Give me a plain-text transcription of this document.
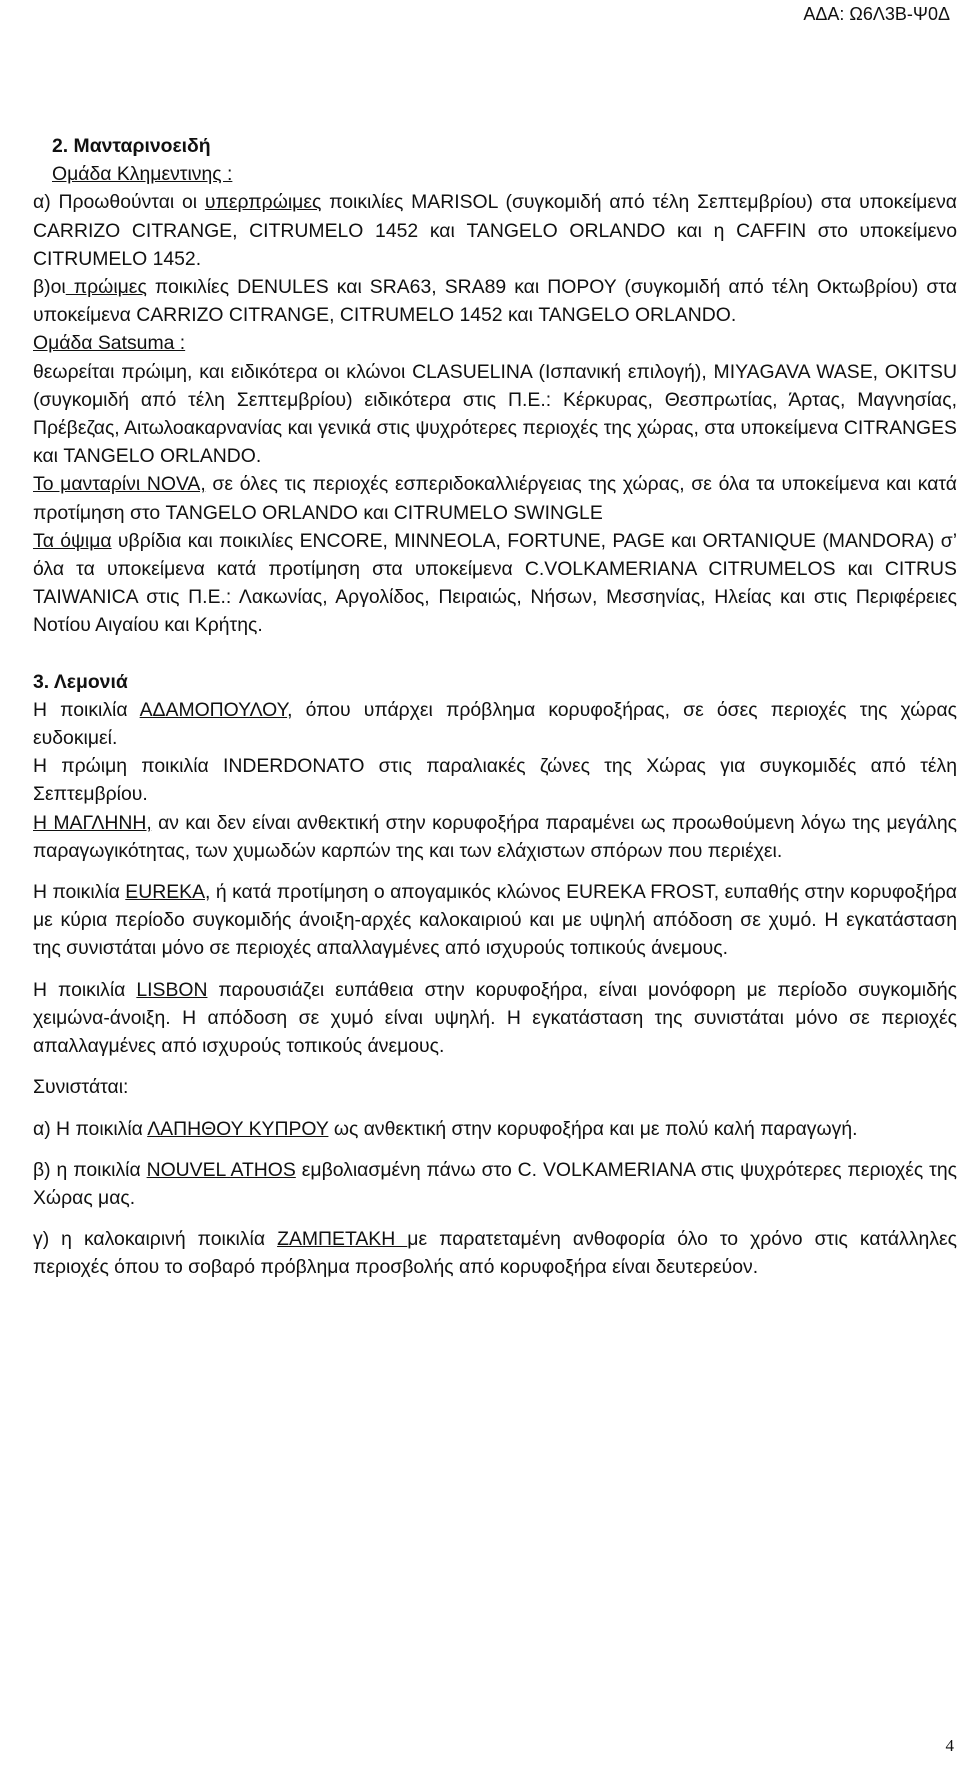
ΑΔΑ: Ω6Λ3Β-Ψ0Δ

2. Μανταρινοειδή

Ομάδα Κλημεντινης :

α) Προωθούνται οι υπερπρώιμες ποικιλίες MARISOL (συγκομιδή από τέλη Σεπτεμβρίου) στα υποκείμενα CARRIZO CITRANGE, CITRUMELO 1452 και TANGELO ORLANDO και η CAFFIN στο υποκείμενο CITRUMELO 1452.

β)οι πρώιμες ποικιλίες DENULES και SRA63, SRA89 και ΠΟΡΟΥ (συγκομιδή από τέλη Οκτωβρίου) στα υποκείμενα CARRIZO CITRANGE, CITRUMELO 1452 και TANGELO ORLANDO.

Ομάδα Satsuma :

θεωρείται πρώιμη, και ειδικότερα οι κλώνοι CLASUELINA (Ισπανική επιλογή), MIYAGAVA WASE, OKITSU (συγκομιδή από τέλη Σεπτεμβρίου) ειδικότερα στις Π.Ε.: Κέρκυρας, Θεσπρωτίας, Άρτας, Μαγνησίας, Πρέβεζας, Αιτωλοακαρνανίας και γενικά στις ψυχρότερες περιοχές της χώρας, στα υποκείμενα CITRANGES και TANGELO ORLANDO.

Το μανταρίνι NOVA, σε όλες τις περιοχές εσπεριδοκαλλιέργειας της χώρας, σε όλα τα υποκείμενα και κατά προτίμηση στο TANGELO ORLANDO και CITRUMELO SWINGLE

Τα όψιμα υβρίδια και ποικιλίες ENCORE, MINNEOLA, FORTUNE, PAGE και ORTANIQUE (MANDORA) σ’ όλα τα υποκείμενα κατά προτίμηση στα υποκείμενα C.VOLKAMERIANA CITRUMELOS και CITRUS TAIWANICA στις Π.Ε.: Λακωνίας, Αργολίδος, Πειραιώς, Νήσων, Μεσσηνίας, Ηλείας και στις Περιφέρειες Νοτίου Αιγαίου και Κρήτης.

3. Λεμονιά

Η ποικιλία ΑΔΑΜΟΠΟΥΛΟΥ, όπου υπάρχει πρόβλημα κορυφοξήρας, σε όσες περιοχές της χώρας ευδοκιμεί.

Η πρώιμη ποικιλία INDERDONATO στις παραλιακές ζώνες της Χώρας για συγκομιδές από τέλη Σεπτεμβρίου.

Η ΜΑΓΛΗΝΗ, αν και δεν είναι ανθεκτική στην κορυφοξήρα παραμένει ως προωθούμενη λόγω της μεγάλης παραγωγικότητας, των χυμωδών καρπών της και των ελάχιστων σπόρων που περιέχει.

Η ποικιλία EUREKA, ή κατά προτίμηση ο απογαμικός κλώνος EUREKA FROST, ευπαθής στην κορυφοξήρα με κύρια περίοδο συγκομιδής άνοιξη-αρχές καλοκαιριού και με υψηλή απόδοση σε χυμό. Η εγκατάσταση της συνιστάται μόνο σε περιοχές απαλλαγμένες από ισχυρούς τοπικούς άνεμους.

Η ποικιλία LISBON παρουσιάζει ευπάθεια στην κορυφοξήρα, είναι μονόφορη με περίοδο συγκομιδής χειμώνα-άνοιξη. Η απόδοση σε χυμό είναι υψηλή. Η εγκατάσταση της συνιστάται μόνο σε περιοχές απαλλαγμένες από ισχυρούς τοπικούς άνεμους.

Συνιστάται:

α) Η ποικιλία ΛΑΠΗΘΟΥ ΚΥΠΡΟΥ ως ανθεκτική στην κορυφοξήρα και με πολύ καλή παραγωγή.

β) η ποικιλία NOUVEL ATHOS εμβολιασμένη πάνω στο C. VOLKAMERIANA στις ψυχρότερες περιοχές της Χώρας μας.

γ) η καλοκαιρινή ποικιλία ΖΑΜΠΕΤΑΚΗ με παρατεταμένη ανθοφορία όλο το χρόνο στις κατάλληλες περιοχές όπου το σοβαρό πρόβλημα προσβολής από κορυφοξήρα είναι δευτερεύον.

4
